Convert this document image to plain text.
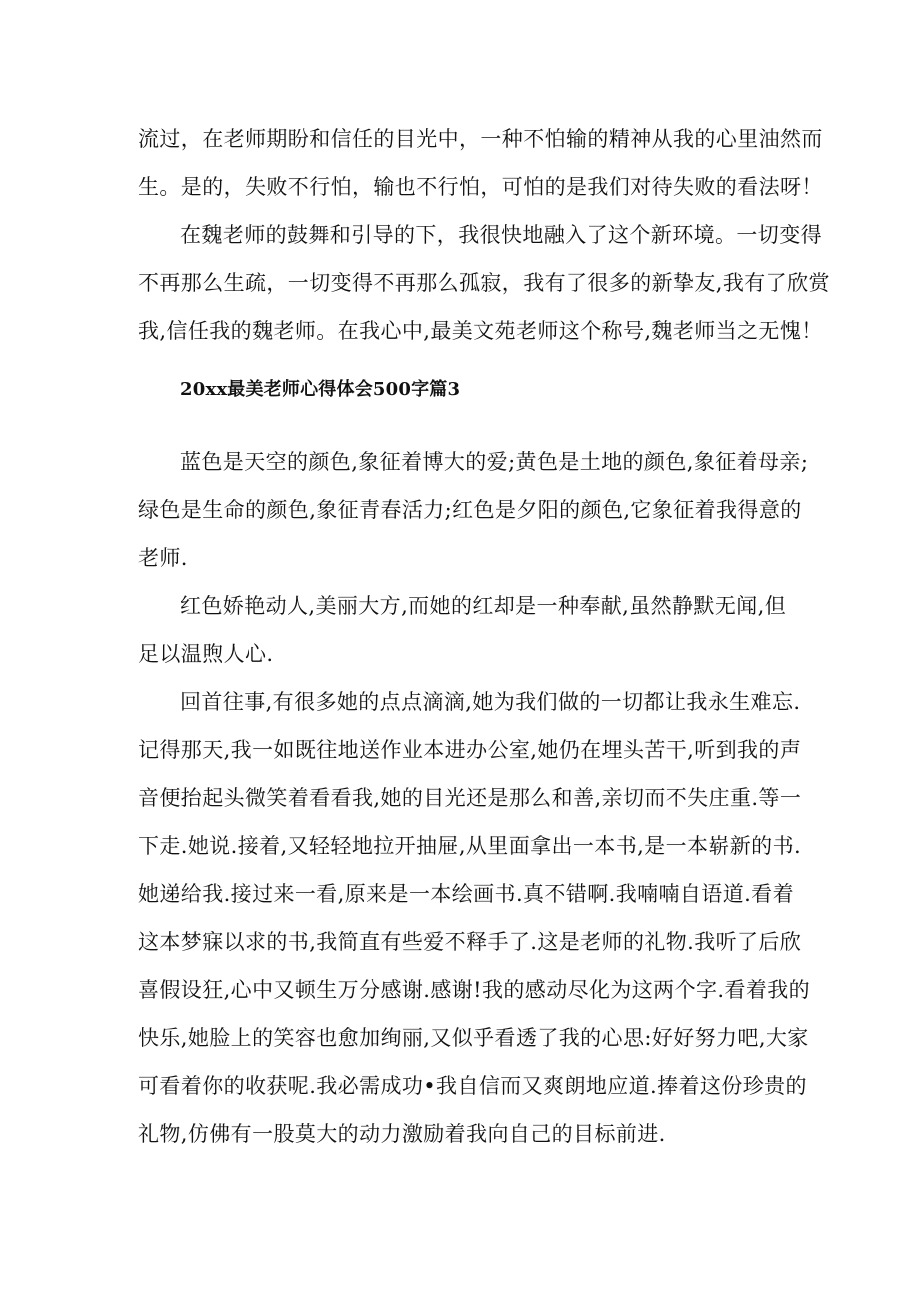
流过，在老师期盼和信任的目光中，一种不怕输的精神从我的心里油然而
生。是的，失败不行怕，输也不行怕，可怕的是我们对待失败的看法呀！
在魏老师的鼓舞和引导的下，我很快地融入了这个新环境。一切变得
不再那么生疏，一切变得不再那么孤寂，我有了很多的新挚友,我有了欣赏
我,信任我的魏老师。在我心中,最美文苑老师这个称号,魏老师当之无愧！
20xx最美老师心得体会500字篇3
蓝色是天空的颜色,象征着博大的爱;黄色是土地的颜色,象征着母亲;
绿色是生命的颜色,象征青春活力;红色是夕阳的颜色,它象征着我得意的
老师.
红色娇艳动人,美丽大方,而她的红却是一种奉献,虽然静默无闻,但
足以温煦人心.
回首往事,有很多她的点点滴滴,她为我们做的一切都让我永生难忘.
记得那天,我一如既往地送作业本进办公室,她仍在埋头苦干,听到我的声
音便抬起头微笑着看看我,她的目光还是那么和善,亲切而不失庄重.等一
下走.她说.接着,又轻轻地拉开抽屉,从里面拿出一本书,是一本崭新的书.
她递给我.接过来一看,原来是一本绘画书.真不错啊.我喃喃自语道.看着
这本梦寐以求的书,我简直有些爱不释手了.这是老师的礼物.我听了后欣
喜假设狂,心中又顿生万分感谢.感谢!我的感动尽化为这两个字.看着我的
快乐,她脸上的笑容也愈加绚丽,又似乎看透了我的心思:好好努力吧,大家
可看着你的收获呢.我必需成功•我自信而又爽朗地应道.捧着这份珍贵的
礼物,仿佛有一股莫大的动力激励着我向自己的目标前进.
